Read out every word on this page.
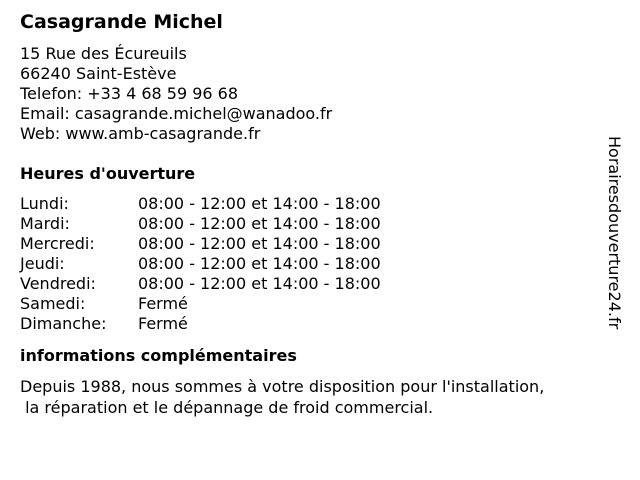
Casagrande Michel
15 Rue des Écureuils
66240 Saint-Estève
Telefon: +33 4 68 59 96 68
Email: casagrande.michel@wanadoo.fr
Web: www.amb-casagrande.fr
Heures d'ouverture
Lundi:	08:00 - 12:00 et 14:00 - 18:00
Mardi:	08:00 - 12:00 et 14:00 - 18:00
Mercredi:	08:00 - 12:00 et 14:00 - 18:00
Jeudi:	08:00 - 12:00 et 14:00 - 18:00
Vendredi:	08:00 - 12:00 et 14:00 - 18:00
Samedi:	Fermé
Dimanche:	Fermé
informations complémentaires
Depuis 1988, nous sommes à votre disposition pour l'installation,
la réparation et le dépannage de froid commercial.
Horairesdouverture24.fr
